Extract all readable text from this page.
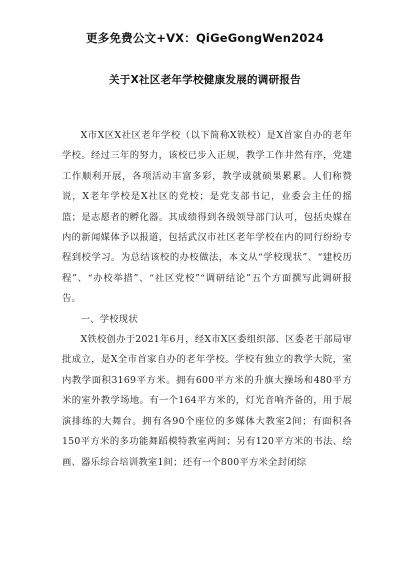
更多免费公文+VX：QiGeGongWen2024
关于X社区老年学校健康发展的调研报告

X市X区X社区老年学校（以下简称X铁校）是X首家自办的老年学校。经过三年的努力，该校已步入正规，教学工作井然有序，党建工作顺利开展，各项活动丰富多彩，教学成就硕果累累。人们称赞说，X老年学校是X社区的党校；是党支部书记，业委会主任的摇篮；是志愿者的孵化器。其成绩得到各级领导部门认可，包括央媒在内的新闻媒体予以报道，包括武汉市社区老年学校在内的同行纷纷专程到校学习。为总结该校的办校做法，本文从“学校现状”、“建校历程”、“办校举措”、“社区党校”“调研结论”五个方面撰写此调研报告。

一、学校现状

X铁校创办于2021年6月，经X市X区委组织部、区委老干部局审批成立，是X全市首家自办的老年学校。学校有独立的教学大院，室内教学面积3169平方米。拥有600平方米的升旗大操场和480平方米的室外教学场地。有一个164平方米的，灯光音响齐备的，用于展演排练的大舞台。拥有各90个座位的多媒体大教室2间；有面积各150平方米的多功能舞蹈模特教室两间；另有120平方米的书法、绘画、器乐综合培训教室1间；还有一个800平方米全封闭综
